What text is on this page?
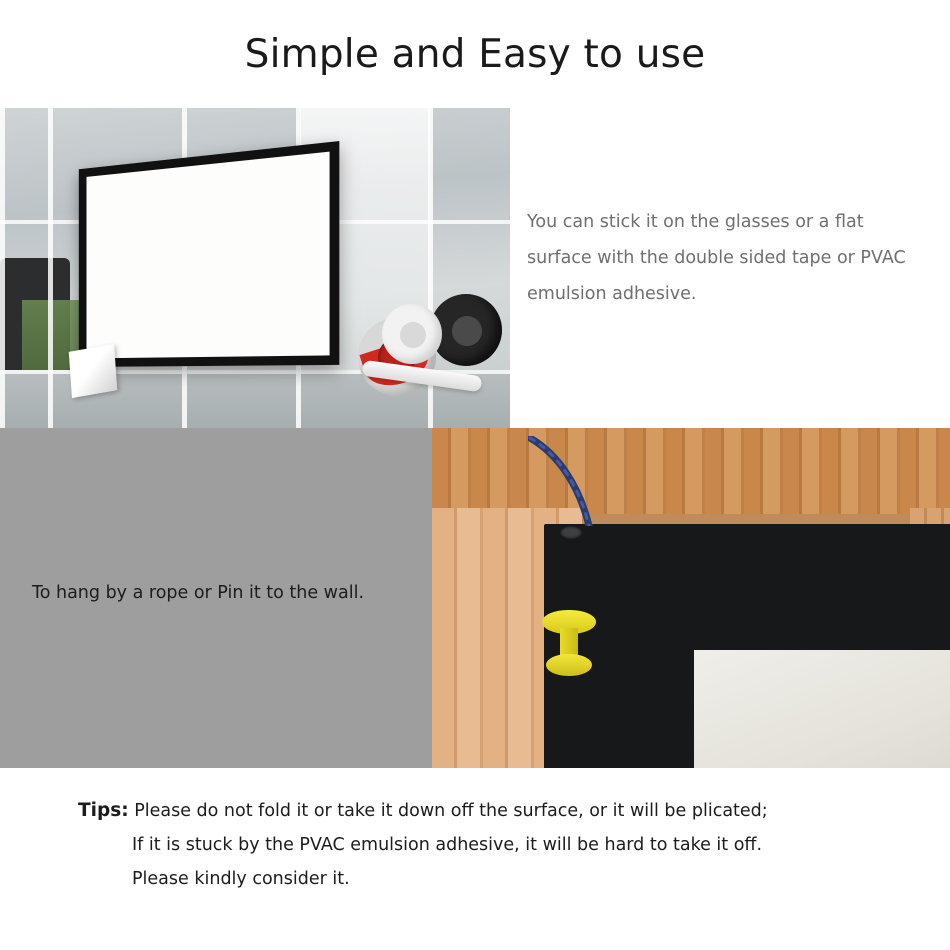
Simple and Easy to use
You can stick it on the glasses or a flat surface with the double sided tape or PVAC emulsion adhesive.
To hang by a rope or Pin it to the wall.
Tips: Please do not fold it or take it down off the surface, or it will be plicated;
If it is stuck by the PVAC emulsion adhesive, it will be hard to take it off.
Please kindly consider it.
